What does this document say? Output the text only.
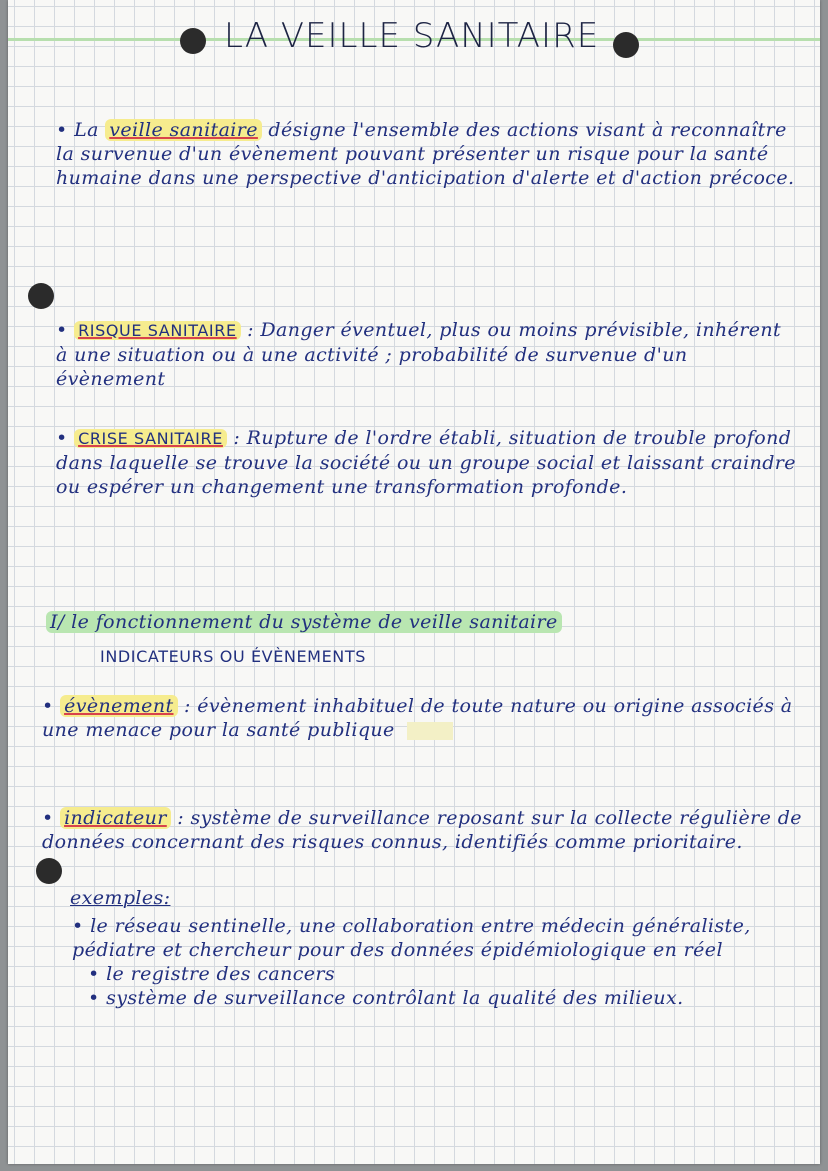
LA VEILLE SANITAIRE
• La veille sanitaire désigne l'ensemble des actions visant à reconnaître la survenue d'un évènement pouvant présenter un risque pour la santé humaine dans une perspective d'anticipation d'alerte et d'action précoce.
• RISQUE SANITAIRE : Danger éventuel, plus ou moins prévisible, inhérent à une situation ou à une activité ; probabilité de survenue d'un évènement
• CRISE SANITAIRE : Rupture de l'ordre établi, situation de trouble profond dans laquelle se trouve la société ou un groupe social et laissant craindre ou espérer un changement une transformation profonde.
I/ le fonctionnement du système de veille sanitaire
INDICATEURS OU ÉVÈNEMENTS
• évènement : évènement inhabituel de toute nature ou origine associés à une menace pour la santé publique
• indicateur : système de surveillance reposant sur la collecte régulière de données concernant des risques connus, identifiés comme prioritaire.
exemples:
• le réseau sentinelle, une collaboration entre médecin généraliste, pédiatre et chercheur pour des données épidémiologique en réel
• le registre des cancers
• système de surveillance contrôlant la qualité des milieux.
